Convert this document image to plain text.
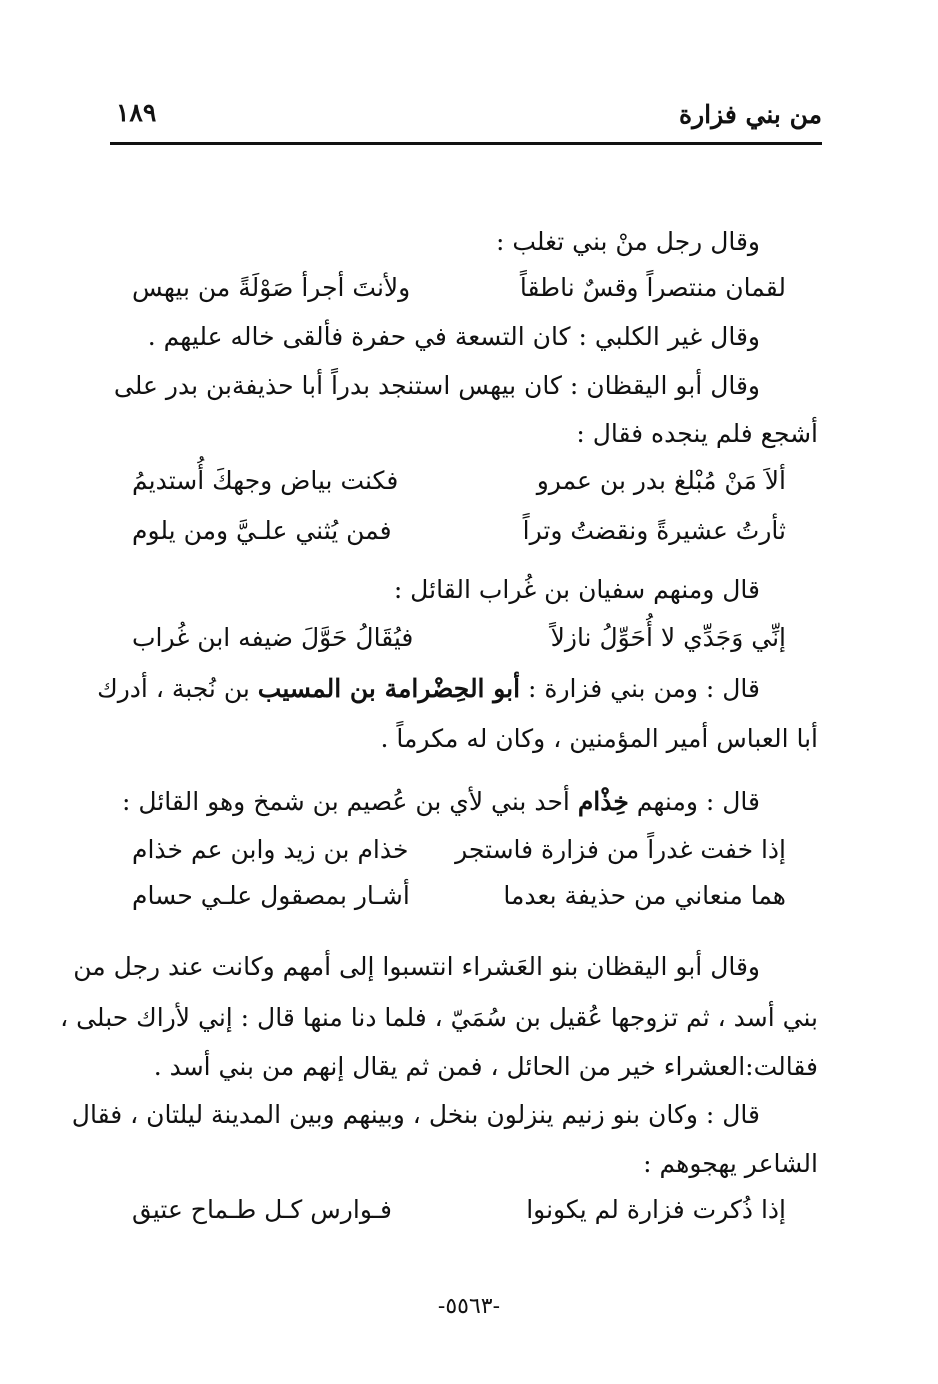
من بني فزارة
١٨٩
وقال رجل منْ بني تغلب :
لقمان منتصراً وقسٌ ناطقاً
ولأنتَ أجرأ صَوْلَةً من بيهس
وقال غير الكلبي : كان التسعة في حفرة فألقى خاله عليهم .
وقال أبو اليقظان : كان بيهس استنجد بدراً أبا حذيفةبن بدر على
أشجع فلم ينجده فقال :
ألاَ مَنْ مُبْلغ بدر بن عمرو
فكنت بياض وجهكَ أُستديمُ
ثأرتُ عشيرةً ونقضتُ وتراً
فمن يُثني علـيَّ ومن يلوم
قال ومنهم سفيان بن غُراب القائل :
إنِّي وَجَدِّي لا أُحَوِّلُ نازلاً
فيُقَالُ حَوَّلَ ضيفه ابن غُراب
قال : ومن بني فزارة : أبو الحِضْرامة بن المسيب بن نُجبة ، أدرك
أبا العباس أمير المؤمنين ، وكان له مكرماً .
قال : ومنهم خِذْام أحد بني لأي بن عُصيم بن شمخ وهو القائل :
إذا خفت غدراً من فزارة فاستجر
خذام بن زيد وابن عم خذام
هما منعاني من حذيفة بعدما
أشـار بمصقول علـي حسام
وقال أبو اليقظان بنو العَشراء انتسبوا إلى أمهم وكانت عند رجل من
بني أسد ، ثم تزوجها عُقيل بن سُمَيّ ، فلما دنا منها قال : إني لأراك حبلى ،
فقالت:العشراء خير من الحائل ، فمن ثم يقال إنهم من بني أسد .
قال : وكان بنو زنيم ينزلون بنخل ، وبينهم وبين المدينة ليلتان ، فقال
الشاعر يهجوهم :
إذا ذُكرت فزارة لم يكونوا
فـوارس كـل طـماح عتيق
-٥٥٦٣-
